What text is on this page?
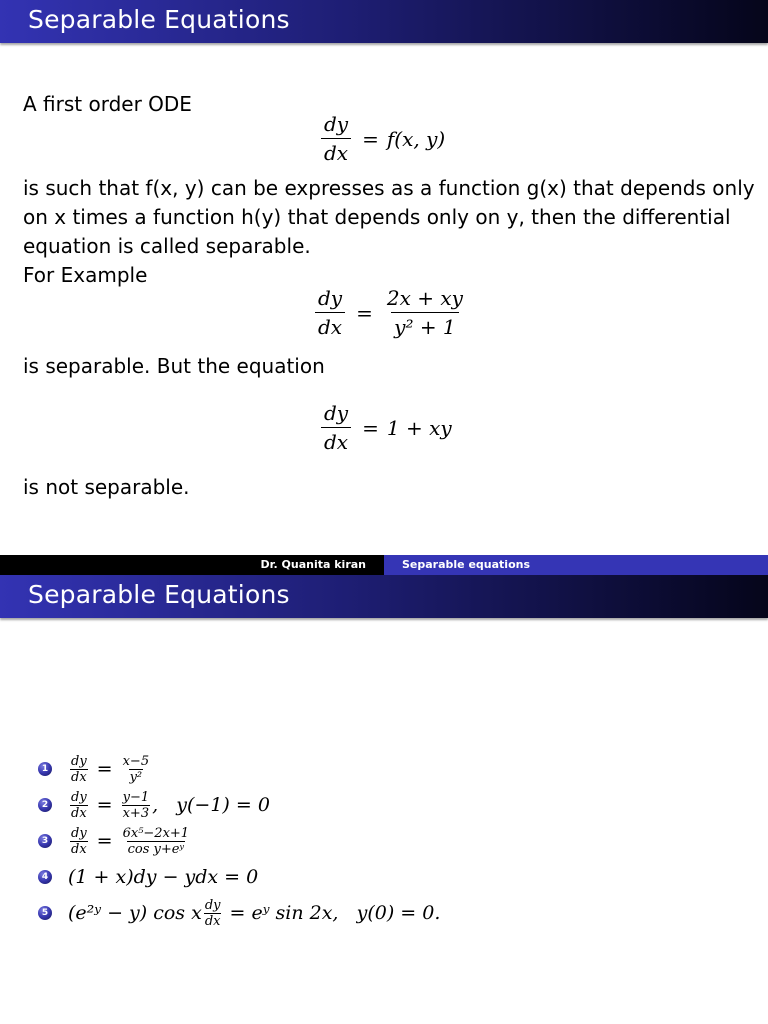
Separable Equations
A first order ODE
$\frac{dy}{dx} = f(x$, y)
is such that f(x, y) can be expresses as a function g(x) that depends only
on x times a function h(y) that depends only on y, then the differential
equation is called separable.
For Example
$\frac{dy}{dx} = \frac{2x + xy}{\text{y² + 1}}$
is separable. But the equation
$\frac{dy}{dx} = 1$ + xy
is not separable.
Dr. Quanita kiran	Separable equations
Separable Equations
$1 \frac{dy}{dx} = \frac{x-5}{\text{y²}}$
$2 \frac{dy}{dx} = \frac{y-1}{x+3}$ ,   y(−1) = 0
$3 \frac{dy}{dx} = \frac{\text{6x⁵−2x+1}}{\text{cos y+eʸ}}$
4 (1 + x)dy − ydx = 0
5 (e²ʸ − y) cos x $\frac{dy}{dx}$ = eʸ sin 2x,   y(0) = 0.
